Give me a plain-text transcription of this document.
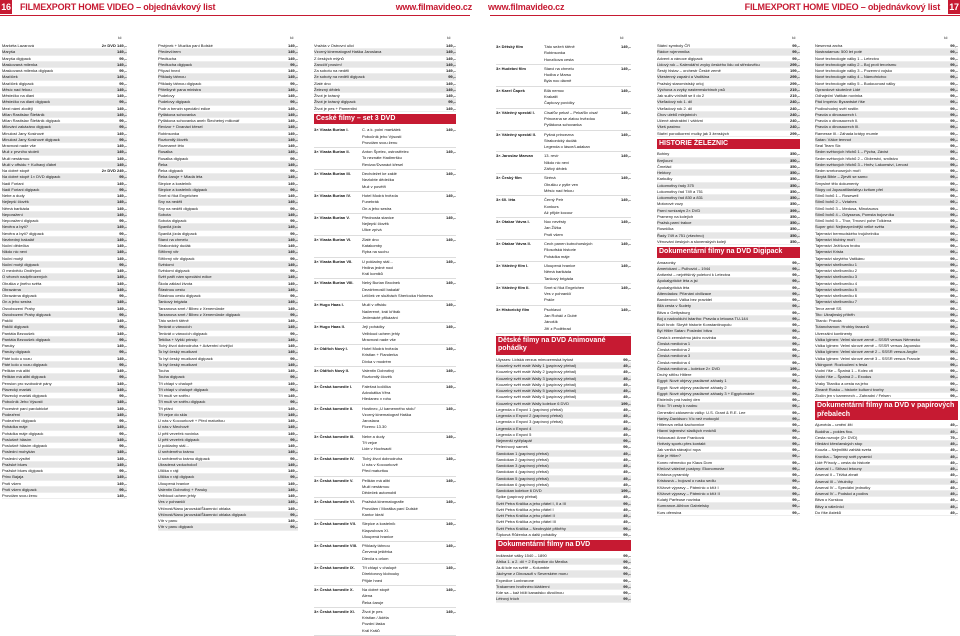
16 FILMEXPORT HOME VIDEO – objednávkový list	www.filmavideo.cz www.filmavideo.cz	FILMEXPORT HOME VIDEO – objednávkový list 17
kč	kč	kč	kč	kč	kč
Markéta Lazarová	2× DVD 149,–
Maryša	149,–
Maryša digipack	99,–
Maskovaná milenka	149,–
Maskovaná milenka digipack	99,–
Mazlíček	149,–
Mazlíček digipack	99,–
Měsíc nad řekou	149,–
Městečko na dlani	149,–
Městečko na dlani digipack	99,–
Mezi námi zloději	149,–
Milan Rastislav Štefánik	149,–
Milan Rastislav Štefánik digipack	99,–
Milování zakázáno digipack	99,–
Minulost Jany Kosinové	149,–
Minulost Jany Kosinové digipack	99,–
Mravnost nade vše	149,–
Muž z prvního století	149,–
Muži nestárnou	149,–
Muži v offsidu + Kulhavý ďábel	149,–
Na dobré stopě	2× DVD 249,–
Na dobré stopě 1× DVD digipack	99,–
Nadi Foriani	149,–
Nadi Foriani digipack	99,–
Nebe a dudy	149,–
Nejlepší člověk	149,–
Němá barikáda	149,–
Neporažení	149,–
Neporažení digipack	99,–
Nevěra a bytí?	149,–
Nevěra a bytí? digipack	99,–
Nezbedný bakalář	149,–
Noční dědečka	149,–
Nikdo nic neví	149,–
Noční motýl	149,–
Noční motýl digipack	99,–
O medvědu Ondřejovi	149,–
O věcech nadpřirozených	149,–
Obuška z jiného světa	149,–
Obrazárna	149,–
Obrazárna digipack	99,–
On a jeho sestra	149,–
Osvobození Prahy	149,–
Osvobození Prahy digipack	99,–
Paklíč	149,–
Paklíč digipack	99,–
Pantáta Bezoušek	149,–
Pantáta Bezoušek digipack	99,–
Paruky	149,–
Paruky digipack	99,–
Páté kolo u vozu	149,–
Páté kolo u vozu digipack	99,–
Pelikán má alibi	149,–
Pelikán má alibi digipack	99,–
Pension pro svobodné pány	149,–
Plavecký mariáš	149,–
Plavecký mariáš digipack	99,–
Pobočník Jeho Výsosti	149,–
Pocestné paní pardubické	149,–
Podezření	149,–
Podezření digipack	99,–
Pohádka máje	149,–
Pohádka máje digipack	99,–
Poslušně hlásím	149,–
Poslušně hlásím digipack	99,–
Poslední mohykán	149,–
Poslední výstřel	149,–
Pražské blues	149,–
Pražské blues digipack	99,–
Princ Bajaja	149,–
Proti všem	149,–
Proti všem digipack	99,–
Provdám svou ženu	149,–
Prstýnek + Muzika paní Bolské	149,–
Předevčírem	149,–
Předtucha	149,–
Předtucha digipack	99,–
Případ hned	149,–
Přiklady táhnou	149,–
Přiklady táhnou digipack	99,–
Přítelkyně pana ministra	149,–
Pudelovy	149,–
Pudelovy digipack	99,–
Pudr a benzin speciální edice	149,–
Pytlákova schovanka	149,–
Pytlákova schovanka aneb Šlechetný milionář	149,–
Revizor + Dvanáct křesel	149,–
Robinsonka	149,–
Roztomilý člověk	149,–
Rozmarné léto	149,–
Rusalka	149,–
Rusalka digipack	99,–
Řeka	149,–
Řeka digipack	99,–
Řeka čaruje + Mladá léta	149,–
Slepice a kostelník	149,–
Slepice a kostelník digipack	99,–
Smrt si říká Engelchen	149,–
Sny na neděli	149,–
Sny na neděli digipack	99,–
Sobota	149,–
Sobota digipack	99,–
Spanilá jízda	149,–
Spanilá jízda digipack	99,–
Starci na chmelu	149,–
Strakonický dudák	149,–
Stříbrný vítr	149,–
Stříbrný vítr digipack	99,–
Svědomí	149,–
Svědomí digipack	99,–
Svět patří nám speciální edice	149,–
Škola základ života	149,–
Šťastnou cestu	149,–
Šťastnou cestu digipack	99,–
Tankový brigáda	149,–
Tarzanova smrt / Blbec z Xenemünde	149,–
Tarzanova smrt / Blbec z Xenemünde digipack	99,–
Táto sežeň štěně	149,–
Tenkrát o vánocích	149,–
Tenkrát o vánocích digipack	99,–
Tetička + Vyšší princip	149,–
Tichý život dobrodruha + Adventní chvějící	149,–
To byl český muzikant	149,–
To byl český muzikant digipack	99,–
To byl český muzikant	149,–
Touha	149,–
Touha digipack	99,–
Tři chlapi v chalupě	149,–
Tři chlapi v chalupě digipack	99,–
Tři muži ve sněhu	149,–
Tři muži ve sněhu digipack	99,–
Tři přání	149,–
Tři vejce do skla	149,–
U nás v Kocourkově + Před maturitou	149,–
U nás v Mechově	149,–
U pěti veveřek novinka	149,–
U pěti veveřek digipack	99,–
U pokladny stál…	149,–
U snědeného krámu	149,–
U snědeného krámu digipack	99,–
Ukradená vzducholoď	149,–
Ulička v ráji	149,–
Ulička v ráji digipack	99,–
Uloupená hranice	149,–
Valentin Dobrotivý + Paruky	149,–
Velbloud uchem jehly	149,–
Ves v pohraničí	149,–
Věčnost/Nanu janovská/Škamnicí oblaka	149,–
Věčnost/Nanu janovská/Škamnicí oblaka digipack	99,–
Vítr v panu	149,–
Vítr v panu digipack	99,–
Vražda v Ostrovní ulici	149,–
Vzorný kinematograf Haška Jaroslava	149,–
Z českých mlýnů	149,–
Zancčiť prosím!	149,–
Za sobotu na neděli	149,–
Ze soboty na neděli digipack	99,–
Zlaté dno	149,–
Železný dědek	149,–
Život je krásný	149,–
Život je krásný digipack	99,–
Život je pes + Pamentiní	149,–
České filmy – set 3 DVD
3× Vlasta Burian I.	C. a k. polní maršálek
Pobočník jeho Výsosti
Provdám svou ženu
149,–
3× Vlasta Burian II.	Anton Špelec, ostrostřelec
To neznáte Hadimršku
Revizor/Dvanáct křesel
149,–
3× Vlasta Burian III.	Dechdežet ke zaklé
Nezlobte dědečka
Muž v povětří
149,–
3× Vlasta Burian IV.	Hotel Modrá hvězda
Funebrák
On a jeho sestra
149,–
3× Vlasta Burian V.	Přednosta stanice
Nejlepší člověk
Ulice zpívá
149,–
3× Vlasta Burian VI.	Zlaté dno
Katakomby
Ryba na suchu
149,–
3× Vlasta Burian VII.	U pokladny stál…
Hrdina jedné noci
Král komiků
149,–
3× Vlasta Burian VIII.	Nebý Burian Brodnek
Dezdrbmoslíl bakalář
Lelíček ve službách Sherlocka Holmesa
149,–
3× Hugo Haas I.	Muži v offsidu
Načerené, kráí kříbák
Jedenácté přikázání
149,–
3× Hugo Haas II.	Její pohádky
Velbloud uchem jehly
Mravnost nade vše
149,–
3× Oldřich Nový I.	Hotel Modrá hvězda
Kristian + Flanderka
Dívka v modrém
149,–
3× Oldřich Nový II.	Valentin Dobrotivý
Roztomilý člověk
149,–
3× Česká komedie I.	Falešná kočička
Advokátka Věra
Hledanec v rohu
149,–
3× Česká komedie II.	Hostinec „U kamenného stolu"
Vzorný kinematograf Haška
Jaroslava
Florenc 13.30
149,–
3× Česká komedie III.	Nebe a dudy
Tři vejce
Lide v Hochsacti
149,–
3× Česká komedie IV.	Tichý život dobrodruha
U nás v Kocourkově
Před maturitou
149,–
3× Česká komedie V.	Pelikán má alibi
Muži nestárnou
Dědeček automobil
149,–
3× Česká komedie VI.	Pražská kinematografie
Provdám / Morálka paní Dulské
Kantor Ideál
149,–
3× Česká komedie VII.	Slepice a kostelník
Klapzubova XI.
Uloupená hranice
149,–
3× Česká komedie VIII.	Příklady táhnou
Červená ještěrka
Dievča s orlom
149,–
3× Česká komedie IX.	Tři chlapi v chalupě
Direktorovy klobouky
Přijde hned
149,–
3× Česká komedie X.	Na dobré stopě
Alena
Řeka čaruje
149,–
3× Česká komedie XI.	Život je pes
Kristian / Adéla
Pozdní láska
Král Králů
149,–
3× Dětský film	Táto sežeň štěně
Robinsonka
Honzíkova cesta
149,–
3× Hudební film	Starci na chmelu
Hudba z Marsu
Byla noc dávně
149,–
3× Karel Čapek	Bílá nemoc
Krakatit
Čapkovy povídky
149,–
3× Válečný speciál I.	Císařův pekař – Pekařův císař
Princezna se zlatou hvězdou
Pytlákova schovanka
149,–
3× Válečný speciál II.	Pyšná princezna
Strakonický dudák
Legenda o lásce/Ladakan
149,–
3× Jaroslav Marvan	13. revír
Nikdo nic neví
Zářivý dědek
149,–
3× Český film	Siréná
Obušku z pytle ven
Měsíc nad řekou
149,–
3× 60. léta	Černý Petr
Konkurs
Až přijde kocour
149,–
3× Otakar Vávra I.	Noc nevěsty
Jan Žižka
Proti všem
149,–
3× Otakar Vávra II.	Cech panen kutnohorských
Filosofská historie
Pohádka máje
149,–
3× Válečný film I.	Uloupená hranice
Němá barikáda
Tankový brigáda
149,–
3× Válečný film II.	Smrt si říká Engelchen
Ves v pohraničí
Práče
149,–
3× Historický film	Psohlavci
Jan Roháč z Dubé
Jánošík
Jiří z Poděbrad
149,–
Dětské filmy na DVD Animované pohádky
Ulysses: Lidská verzus mimozemská bytost	99,–
Kouzelný svět malé Wally 1 (papírový přebal)	49,–
Kouzelný svět malé Wally 2 (papírový přebal)	49,–
Kouzelný svět malé Wally 3 (papírový přebal)	49,–
Kouzelný svět malé Wally 4 (papírový přebal)	49,–
Kouzelný svět malé Wally 5 (papírový přebal)	49,–
Kouzelný svět malé Wally 6 (papírový přebal)	49,–
Kouzelný svět malé Wally kolekce 6 DVD	199,–
Legenda o Enyovi 1 (papírový přebal)	49,–
Legenda o Enyovi 2 (papírový přebal)	49,–
Legenda o Enyovi 3 (papírový přebal)	49,–
Legenda o Enyovi 4	49,–
Legenda o Enyovi 5	49,–
Nejmenší rytířplapář	99,–
Pelerínový sameš	99,–
Sandokan 1 (papírový přebal)	49,–
Sandokan 2 (papírový přebal)	49,–
Sandokan 3 (papírový přebal)	49,–
Sandokan 4 (papírový přebal)	49,–
Sandokan 5 (papírový přebal)	49,–
Sandokan 6 (papírový přebal)	49,–
Sandokan kolekce 6 DVD	199,–
Spike (papírový přebal)	49,–
Svět Petra Králíka a jeho přátel I, II a III	99,–
Svět Petra Králíka a jeho přátel I	49,–
Svět Petra Králíka a jeho přátel II	49,–
Svět Petra Králíka a jeho přátel III	49,–
Svět Petra Králíka – Neobvyklé příběhy	99,–
Šípková Růženka a další pohádky	99,–
Dokumentární filmy na DVD
Indiánské války 1540 – 1890	99,–
Afrika 1. a 2. díl + 2 Expedice do Mexika	99,–
Ja-ši kde na světě – Kolumbie	99,–
Jáchyme z Dinosauři v Severském moru	99,–
Expedice Lonbrarone	99,–
Trakarmen hrothnéro klášterní	99,–
Kde sa – kaž blíži kanadsko divočinou	99,–
Létrový tróch	99,–
Státní symboly ČR	99,–
Rádce rojenmníka	99,–
Advent a vánoce digipack	99,–
Lidový rok – Kalendářní zvyky českého lidu od středověku	299,–
Šestý hlstav – orchestr České země	199,–
Všestenný zapalní a Vadišina	299,–
Pražský staromístský orloj	299,–
Výchova a zvyky nastermskrbinch psů	219,–
Jak suživ vírčistit se il do 2	219,–
Všeľadový rok 1. díl	240,–
Všeľadový rok 2. díl	240,–
Chov ulebů mlejatních	240,–
Učené abstraktní i vábivní	240,–
Všeš pastrno	240,–
Stařeí porodkorení mulky jak 3 ženských	299,–
HISTORIE ŽELEZNIC
Bohiny	350,–
Brejlouni	350,–
Čmeláci	350,–
Hektory	350,–
Karkulky	350,–
Lokomotivy řady 375	350,–
Lokomotivy řad 749 a 751	350,–
Lokomotivy řad 830 a 831	350,–
Motorové vozy	350,–
Parní rumizatyn 2× DVD	399,–
Prameny na kolejích	350,–
Pražsk.parní trakce	350,–
Rosnička	350,–
Řady 749 a 751 (všechno)	350,–
Věnování českých a slovenských kolejí	350,–
Dokumentární filmy na DVD Digipack
Amazonky	99,–
Americkaní – Pulhovid – 1944	99,–
Antiwrist – největšíniý poletoní k Letectva	99,–
Apokalyptické léta a jsi	99,–
Apokalyptická léta	99,–
Attendados: Přiznání civilizace	99,–
Banderovci: Válka bez pravidel	99,–
Bilá cesta v Sudety	99,–
Bitva o Gettysburg	99,–
Boj o nadvolduhí Istariho: Pravda o letouna TU-144	99,–
Boží hrob: Skrytě historie Konstantinopolu	99,–
Byl Hitler Satan: Poslední bitva	99,–
Cesta k zemskému jádru novinka	99,–
Čínská medicína 1	99,–
Čínská medicína 2	99,–
Čínská medicína 3	99,–
Čínská medicína 4	99,–
Čínská medicína – kolekce 2× DVD	199,–
Druhý stříbu Hitlere	99,–
Egypt: Nové objevy pradávné záhady 1	99,–
Egypt: Nové objevy pradávné záhady 2	99,–
Egypt: Nové objevy pradávné záhady 3 + Egyptománie	99,–
Elsteinův prá hadný den	99,–
Fido: Tři cesty k nadnu	99,–
Generální zálosemíc války: U.S. Grant & R.E. Lee	99,–
Harley-Davidson: Víc než motocykl	99,–
Hitlerova velká šachovnice	99,–
Hlavní tajemství sladkých mnichů	99,–
Holocaust: Anne Franková	99,–
Hvězdy sportu přes kontakt	99,–
Jak vzniká stávající ropa	99,–
Kde je Hitler?	99,–
Konec německo po Klaus Dorn	99,–
Křečovi válečné pustyny: Ekonomovie	99,–
Kristova pyramidy	99,–
Kristusná – bojoval o rusku sedlu	99,–
Křížové výpravy – Pátmínic o kříž I	99,–
Křížové výpravy – Pátmínic o kříž II	99,–
Kulatý Parfeuse novinka	99,–
Kumrance-Alhbon Gabrielsky	99,–
Kurs ofensiva	99,–
Nesmrná archa	99,–
Nostradamus: 500 let poté	99,–
Nové technologie války 1 – Letectvo	99,–
Nové technologie války 2 – Boj proti terorismu	99,–
Nové technologie války 3 – Pozemní vojsko	99,–
Nové technologie války 4 – Námořnictvo	99,–
Nové technologie války 5 – Budoucnost války	99,–
Opravdové skutečné Lidé	99,–
Odhaječní Vatikán novinka	99,–
Pád Impéria: Byzantské říše	99,–
Podivuhodný svět rostlin	99,–
Pravda o dinosaurech I.	99,–
Pravda o dinosaurech II.	99,–
Pravda o dinosaurech III.	99,–
Ramesse III.: Záhada krátyy mumie	99,–
Satan: Válce temnot	99,–
Seal Team Six	99,–
Sedm světových hřichů 1 – Pýcha, Závist	99,–
Sedm světových hřichů 2 – Obžerství, smilstvo	99,–
Sedm světových hřichů 3 – Hněv, Lakomství, Lenost	99,–
Sedm smrtonosných moří	99,–
Skrytá Bible – Zjeviti se samo	99,–
Smyslné tělo dokumenty	99,–
Stopy od Jopacatlilanlahyu kvitum přel	99,–
Stínů bohů 1 – Rosewell	99,–
Stínů bohů 2 – Vztahes	99,–
Stínů bohů 3 – Medusa, Minotaurus	99,–
Stínů bohů 4 – Odysseus, Pomsta bojovníka	99,–
Stínů bohů 5 – Thor, Trnovní pohe Tolkiena	99,–
Super grid: Nejbezpečnější velké světa	99,–
Tajemství bermudského trojúhelníku	99,–
Tajemství hlubiny moří	99,–
Tajemství Ježíšova hrobu	99,–
Tajemství Krista	99,–
Tajemství skrytého Vatikánu	99,–
Tajemství shelburníku 1	99,–
Tajemství shelburníku 2	99,–
Tajemství shelburníku 3	99,–
Tajemství shelburníku 4	99,–
Tajemství shelburníku 5	99,–
Tajemství shelburníku 6	99,–
Tajemství shelburníku 7	99,–
Teror země SS	99,–
Tito: Ukrajinský příběh	99,–
Titanic: Pravda	99,–
Tutanchamon: Hrobky faraonů	99,–
Uiverzální kontinenty	99,–
Válka Iglmen: Velmi skrové země – SSSR versus Německo	99,–
Válka Iglmen: Velmi skrové země – SSSR versus Japonsko	99,–
Válka Iglmen: Velmi skrové země 2 – SSSR versus Anglie	99,–
Válka Iglmen: Velmi skrové země 3 – SSSR versus Francie	99,–
Vikingové: Rozloučení s fesla	99,–
Vodní říše – Špatná 1 – Kolec cti	99,–
Vodní říše – Špatná 2 – Exodus	99,–
Vraky Titaniku a cesta na jeho	99,–
Zbraně Rusku – historie kulturní tvorby	99,–
Zločin jen v kamenech – Zahradní / Felsen	99,–
Dokumentární filmy na DVD v papírových přebalech
Ajurvéda – umění žití	49,–
Buddha – pokles fixu.	49,–
Cesta rozvoje (2× DVD)	79,–
Hledání křesťanských stop	49,–
Kouzla – Nejmilitší zahlák sveta	49,–
Kronika – Tajemný svět pyramid	49,–
Lidé Přírody – cesta do historie	49,–
Arsenal I – Stíhací letouny	49,–
Arsenal II – Těžká zbraň	49,–
Arsenal III – Vrtulníky	49,–
Arsenal IV – Speciální jednotky	49,–
Arsenal IV – Podskci a podívs	49,–
Bitva o Kurskou	49,–
Bitvy a válečníci	49,–
Do říše Asteků	49,–
